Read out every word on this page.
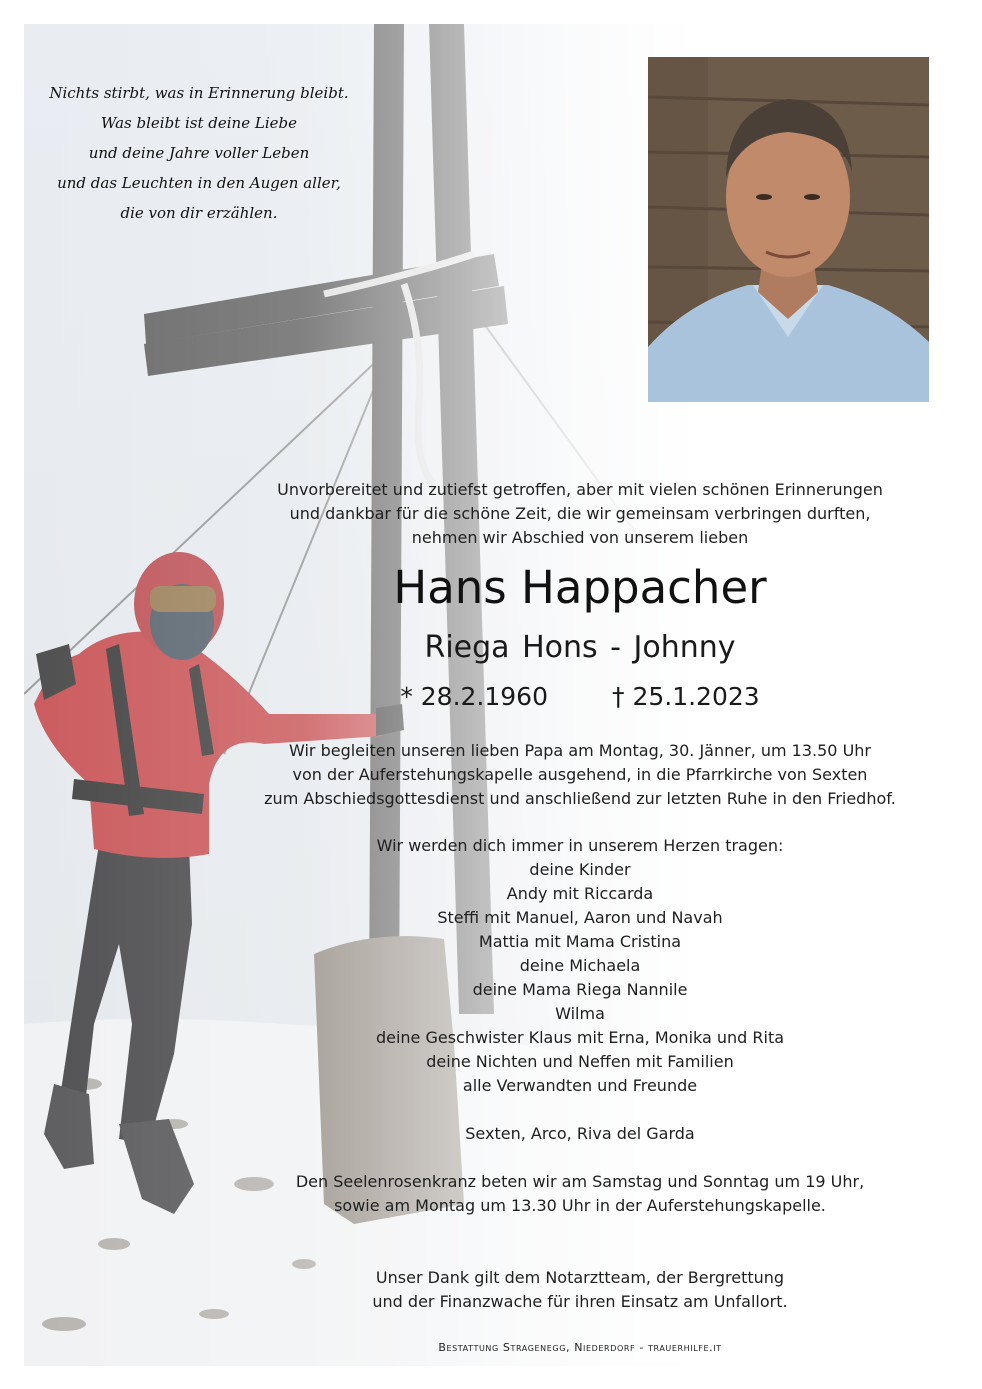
Nichts stirbt, was in Erinnerung bleibt.
Was bleibt ist deine Liebe
und deine Jahre voller Leben
und das Leuchten in den Augen aller,
die von dir erzählen.
Unvorbereitet und zutiefst getroffen, aber mit vielen schönen Erinnerungen
und dankbar für die schöne Zeit, die wir gemeinsam verbringen durften,
nehmen wir Abschied von unserem lieben
Hans Happacher
Riega Hons - Johnny
* 28.2.1960	† 25.1.2023
Wir begleiten unseren lieben Papa am Montag, 30. Jänner, um 13.50 Uhr
von der Auferstehungskapelle ausgehend, in die Pfarrkirche von Sexten
zum Abschiedsgottesdienst und anschließend zur letzten Ruhe in den Friedhof.
Wir werden dich immer in unserem Herzen tragen:
deine Kinder
Andy mit Riccarda
Steffi mit Manuel, Aaron und Navah
Mattia mit Mama Cristina
deine Michaela
deine Mama Riega Nannile
Wilma
deine Geschwister Klaus mit Erna, Monika und Rita
deine Nichten und Neffen mit Familien
alle Verwandten und Freunde

Sexten, Arco, Riva del Garda
Den Seelenrosenkranz beten wir am Samstag und Sonntag um 19 Uhr,
sowie am Montag um 13.30 Uhr in der Auferstehungskapelle.
Unser Dank gilt dem Notarztteam, der Bergrettung
und der Finanzwache für ihren Einsatz am Unfallort.
Bestattung Stragenegg, Niederdorf - trauerhilfe.it
